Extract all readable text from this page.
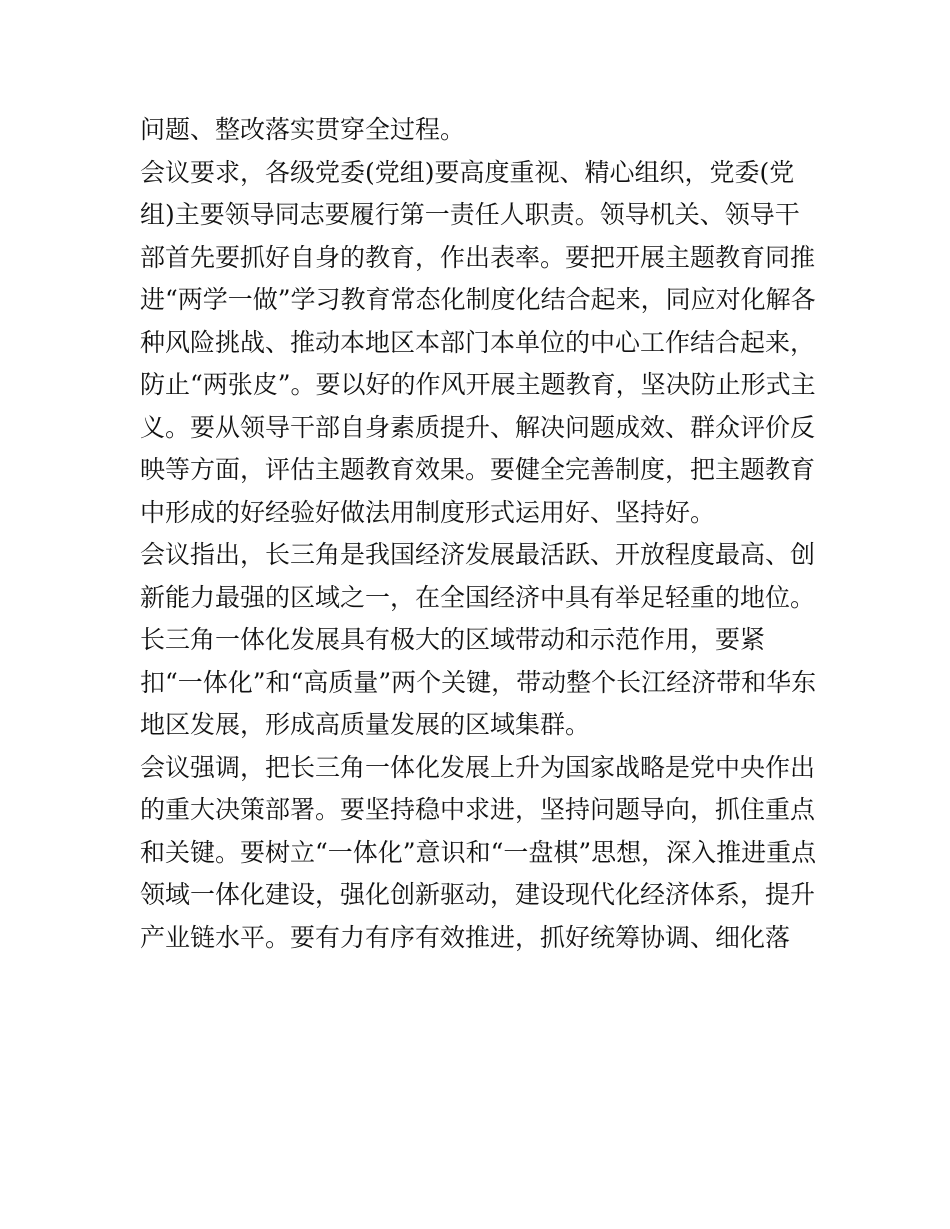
问题、整改落实贯穿全过程。
会议要求，各级党委(党组)要高度重视、精心组织，党委(党
组)主要领导同志要履行第一责任人职责。领导机关、领导干
部首先要抓好自身的教育，作出表率。要把开展主题教育同推
进“两学一做”学习教育常态化制度化结合起来，同应对化解各
种风险挑战、推动本地区本部门本单位的中心工作结合起来，
防止“两张皮”。要以好的作风开展主题教育，坚决防止形式主
义。要从领导干部自身素质提升、解决问题成效、群众评价反
映等方面，评估主题教育效果。要健全完善制度，把主题教育
中形成的好经验好做法用制度形式运用好、坚持好。
会议指出，长三角是我国经济发展最活跃、开放程度最高、创
新能力最强的区域之一，在全国经济中具有举足轻重的地位。
长三角一体化发展具有极大的区域带动和示范作用，要紧
扣“一体化”和“高质量”两个关键，带动整个长江经济带和华东
地区发展，形成高质量发展的区域集群。
会议强调，把长三角一体化发展上升为国家战略是党中央作出
的重大决策部署。要坚持稳中求进，坚持问题导向，抓住重点
和关键。要树立“一体化”意识和“一盘棋”思想，深入推进重点
领域一体化建设，强化创新驱动，建设现代化经济体系，提升
产业链水平。要有力有序有效推进，抓好统筹协调、细化落
